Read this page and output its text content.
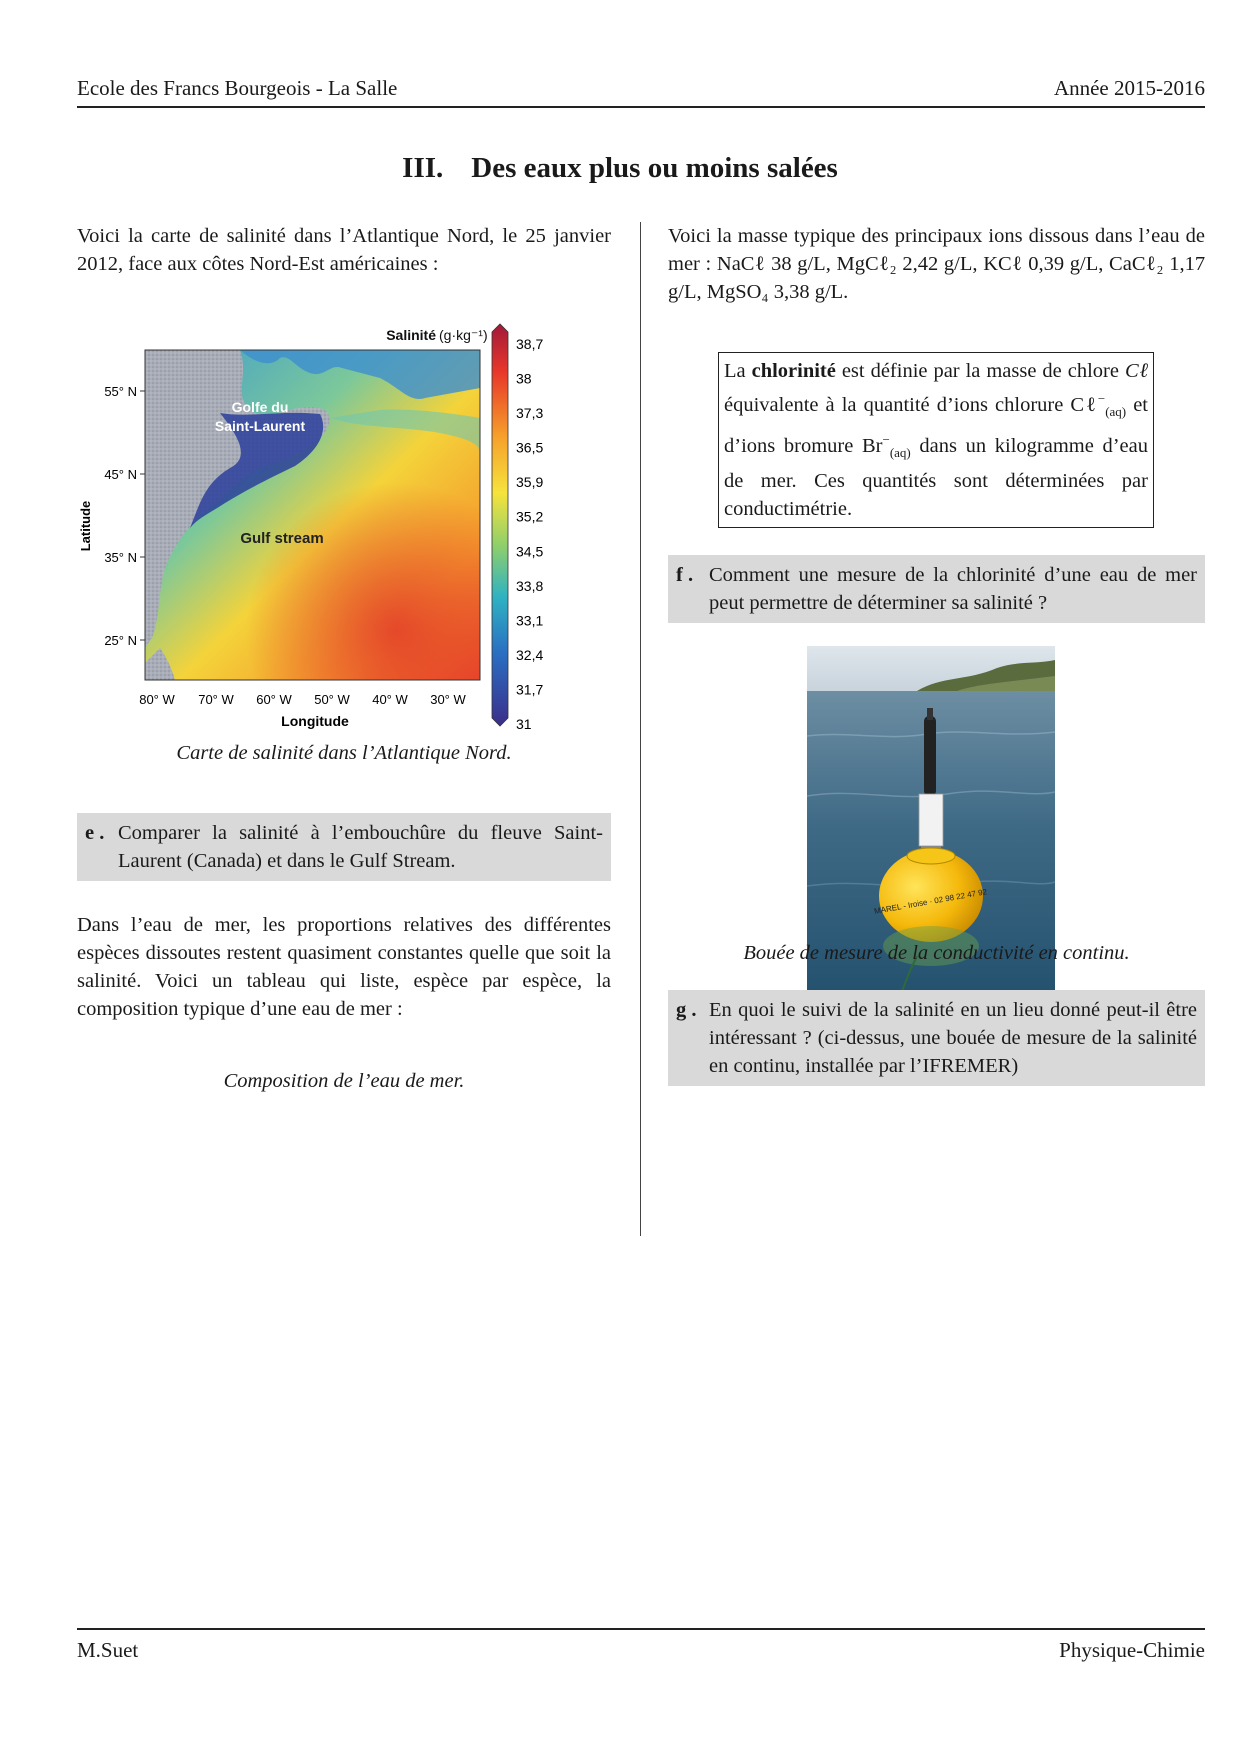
Ecole des Francs Bourgeois - La Salle	Année 2015-2016
III. Des eaux plus ou moins salées

Voici la carte de salinité dans l’Atlantique Nord, le 25 janvier 2012, face aux côtes Nord-Est américaines :

Golfe du
Saint-Laurent
Gulf stream
Salinité (g·kg⁻¹)
55° N
45° N
35° N
25° N
Latitude
80° W 70° W 60° W 50° W 40° W 30° W
Longitude
38,7
38
37,3
36,5
35,9
35,2
34,5
33,8
33,1
32,4
31,7
31
Carte de salinité dans l’Atlantique Nord.
e . Comparer la salinité à l’embouchûre du fleuve Saint-Laurent (Canada) et dans le Gulf Stream.

Dans l’eau de mer, les proportions relatives des différentes espèces dissoutes restent quasiment constantes quelle que soit la salinité. Voici un tableau qui liste, espèce par espèce, la composition typique d’une eau de mer :

Composition de l’eau de mer.

Voici la masse typique des principaux ions dissous dans l’eau de mer : NaCℓ 38 g/L, MgCℓ₂ 2,42 g/L, KCℓ 0,39 g/L, CaCℓ₂ 1,17 g/L, MgSO₄ 3,38 g/L.

La chlorinité est définie par la masse de chlore Cℓ équivalente à la quantité d’ions chlorure Cℓ−$_{(aq)}$ et d’ions bromure $Br^-_{(aq)}$ dans un kilogramme d’eau de mer. Ces quantités sont déterminées par conductimétrie.
f . Comment une mesure de la chlorinité d’une eau de mer peut permettre de déterminer sa salinité ?
MAREL - Iroise · 02 98 22 47 92
Bouée de mesure de la conductivité en continu.
g . En quoi le suivi de la salinité en un lieu donné peut-il être intéressant ? (ci-dessus, une bouée de mesure de la salinité en continu, installée par l’IFREMER)
M.Suet	Physique-Chimie
